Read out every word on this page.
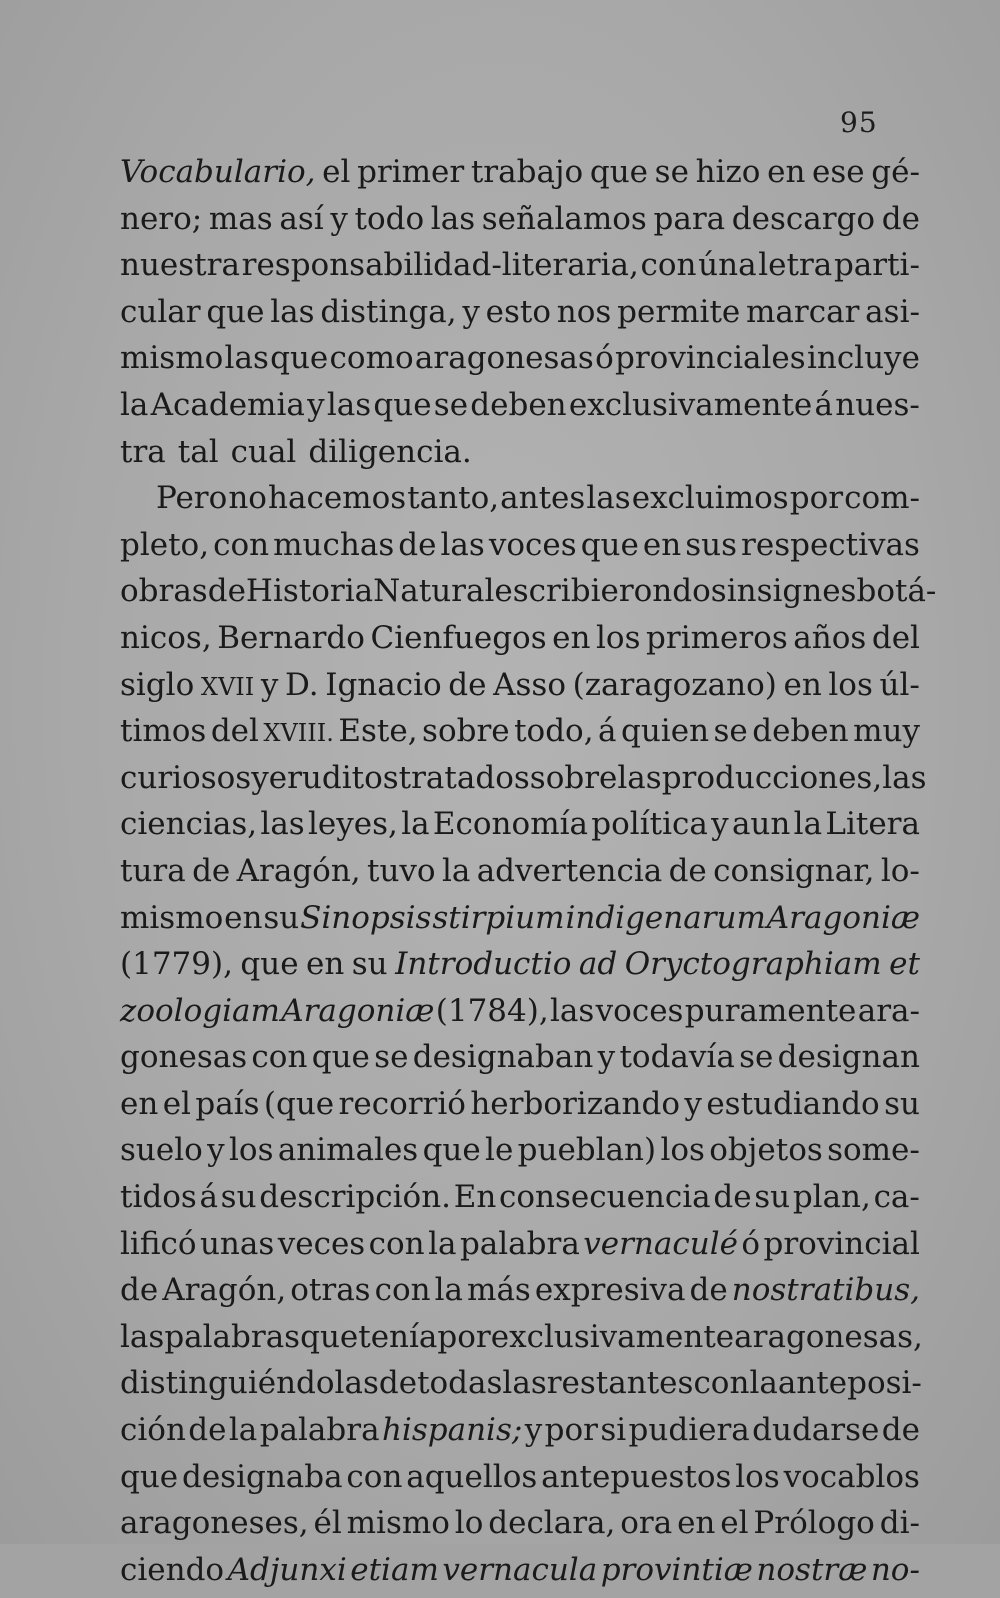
95
Vocabulario, el primer trabajo que se hizo en ese gé-
nero; mas así y todo las señalamos para descargo de
nuestra responsabilidad-literaria, con úna letra parti-
cular que las distinga, y esto nos permite marcar asi-
mismo las que como aragonesas ó provinciales incluye
la Academia y las que se deben exclusivamente á nues-
tra tal cual diligencia.
Pero no hacemos tanto, antes las excluimos por com-
pleto, con muchas de las voces que en sus respectivas
obras de Historia Natural escribieron dos insignes botá-
nicos, Bernardo Cienfuegos en los primeros años del
siglo XVII y D. Ignacio de Asso (zaragozano) en los úl-
timos del XVIII. Este, sobre todo, á quien se deben muy
curiosos y eruditos tratados sobre las producciones, las
ciencias, las leyes, la Economía política y aun la Litera
tura de Aragón, tuvo la advertencia de consignar, lo-
mismo en su Sinopsis stirpium indigenarum Aragoniæ
(1779), que en su Introductio ad Oryctographiam et
zoologiam Aragoniæ (1784), las voces puramente ara-
gonesas con que se designaban y todavía se designan
en el país (que recorrió herborizando y estudiando su
suelo y los animales que le pueblan) los objetos some-
tidos á su descripción. En consecuencia de su plan, ca-
lificó unas veces con la palabra vernaculé ó provincial
de Aragón, otras con la más expresiva de nostratibus,
las palabras que tenía por exclusivamente aragonesas,
distinguiéndolas de todas las restantes con la anteposi-
ción de la palabra hispanis; y por si pudiera dudarse de
que designaba con aquellos antepuestos los vocablos
aragoneses, él mismo lo declara, ora en el Prólogo di-
ciendo Adjunxi etiam vernacula provintiæ nostræ no-
